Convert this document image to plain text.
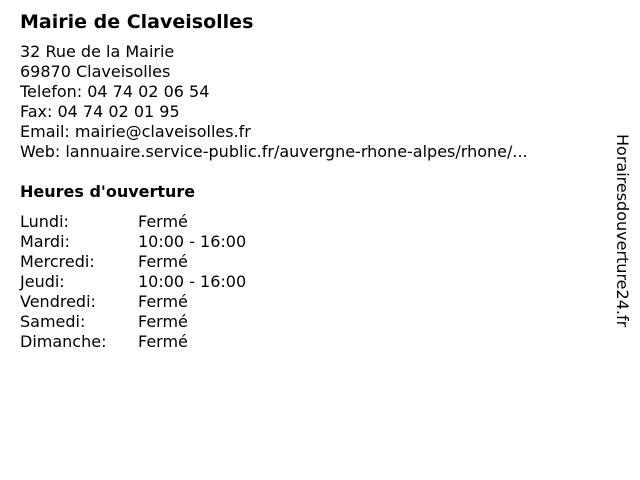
Mairie de Claveisolles
32 Rue de la Mairie
69870 Claveisolles
Telefon: 04 74 02 06 54
Fax: 04 74 02 01 95
Email: mairie@claveisolles.fr
Web: lannuaire.service-public.fr/auvergne-rhone-alpes/rhone/...
Heures d'ouverture
Lundi:	Fermé
Mardi:	10:00 - 16:00
Mercredi:	Fermé
Jeudi:	10:00 - 16:00
Vendredi:	Fermé
Samedi:	Fermé
Dimanche:	Fermé
Horairesdouverture24.fr
